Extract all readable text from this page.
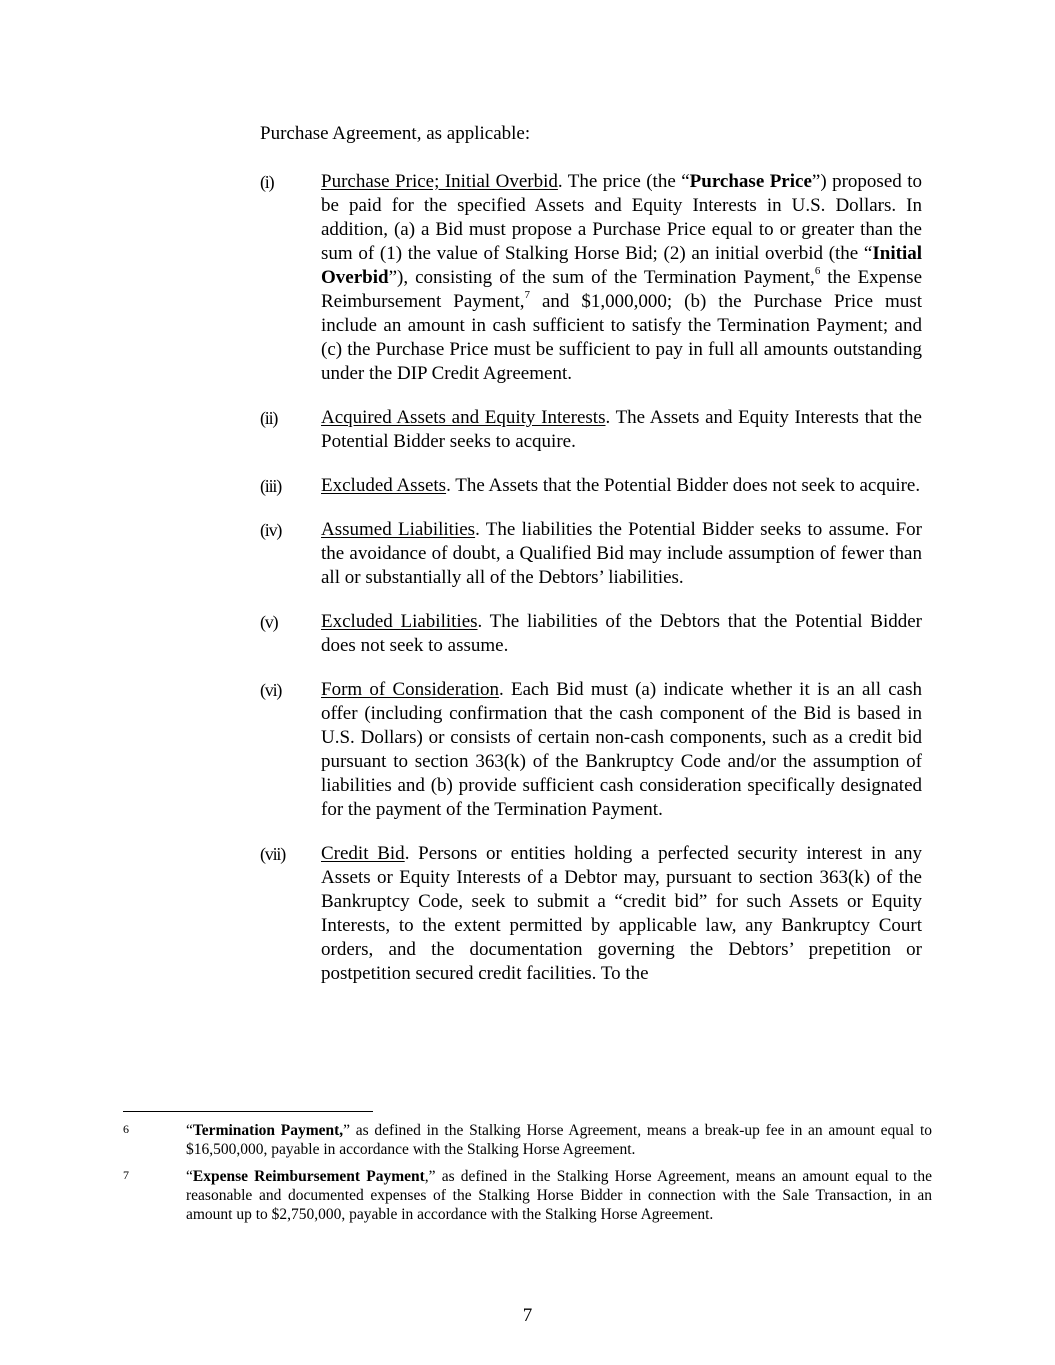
Purchase Agreement, as applicable:
(i)	Purchase Price; Initial Overbid. The price (the “Purchase Price”) proposed to be paid for the specified Assets and Equity Interests in U.S. Dollars. In addition, (a) a Bid must propose a Purchase Price equal to or greater than the sum of (1) the value of Stalking Horse Bid; (2) an initial overbid (the “Initial Overbid”), consisting of the sum of the Termination Payment,$^6$ the Expense Reimbursement Payment,$^7$ and $1,000,000; (b) the Purchase Price must include an amount in cash sufficient to satisfy the Termination Payment; and (c) the Purchase Price must be sufficient to pay in full all amounts outstanding under the DIP Credit Agreement.
(ii)	Acquired Assets and Equity Interests. The Assets and Equity Interests that the Potential Bidder seeks to acquire.
(iii)	Excluded Assets. The Assets that the Potential Bidder does not seek to acquire.
(iv)	Assumed Liabilities. The liabilities the Potential Bidder seeks to assume. For the avoidance of doubt, a Qualified Bid may include assumption of fewer than all or substantially all of the Debtors’ liabilities.
(v)	Excluded Liabilities. The liabilities of the Debtors that the Potential Bidder does not seek to assume.
(vi)	Form of Consideration. Each Bid must (a) indicate whether it is an all cash offer (including confirmation that the cash component of the Bid is based in U.S. Dollars) or consists of certain non-cash components, such as a credit bid pursuant to section 363(k) of the Bankruptcy Code and/or the assumption of liabilities and (b) provide sufficient cash consideration specifically designated for the payment of the Termination Payment.
(vii)	Credit Bid. Persons or entities holding a perfected security interest in any Assets or Equity Interests of a Debtor may, pursuant to section 363(k) of the Bankruptcy Code, seek to submit a “credit bid” for such Assets or Equity Interests, to the extent permitted by applicable law, any Bankruptcy Court orders, and the documentation governing the Debtors’ prepetition or postpetition secured credit facilities. To the
6	“Termination Payment,” as defined in the Stalking Horse Agreement, means a break-up fee in an amount equal to $16,500,000, payable in accordance with the Stalking Horse Agreement.
7	“Expense Reimbursement Payment,” as defined in the Stalking Horse Agreement, means an amount equal to the reasonable and documented expenses of the Stalking Horse Bidder in connection with the Sale Transaction, in an amount up to $2,750,000, payable in accordance with the Stalking Horse Agreement.
7
